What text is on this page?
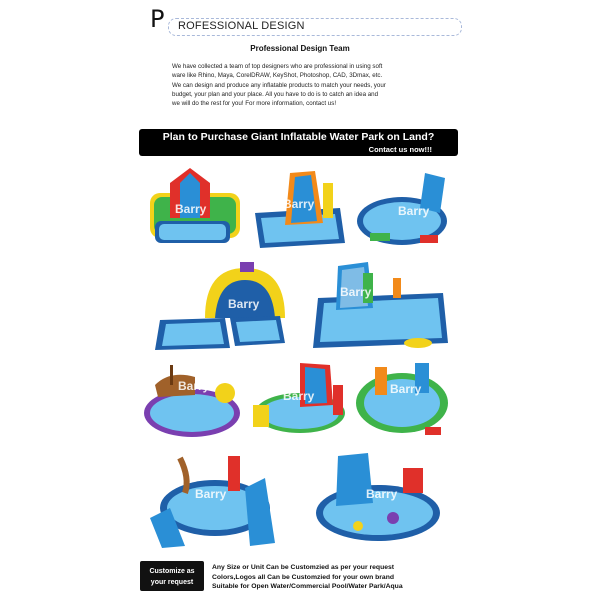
P ROFESSIONAL DESIGN
Professional Design Team
We have collected a team of top designers who are professional in using soft
ware like Rhino, Maya, CorelDRAW, KeyShot, Photoshop, CAD, 3Dmax, etc.
We can design and produce any inflatable products to match your needs, your
budget, your plan and your place. All you have to do is to catch an idea and
we will do the rest for you! For more information, contact us!
Plan to Purchase Giant Inflatable Water Park on Land?
Contact us now!!!
Barry	Barry	Barry
Barry
Barry
Barry
Barry	Barry
Barry	Barry
Customize as
your request
Any Size or Unit Can be Customzied as per your request
Colors,Logos all Can be Customzied for your own brand
Suitable for Open Water/Commercial Pool/Water Park/Aqua
